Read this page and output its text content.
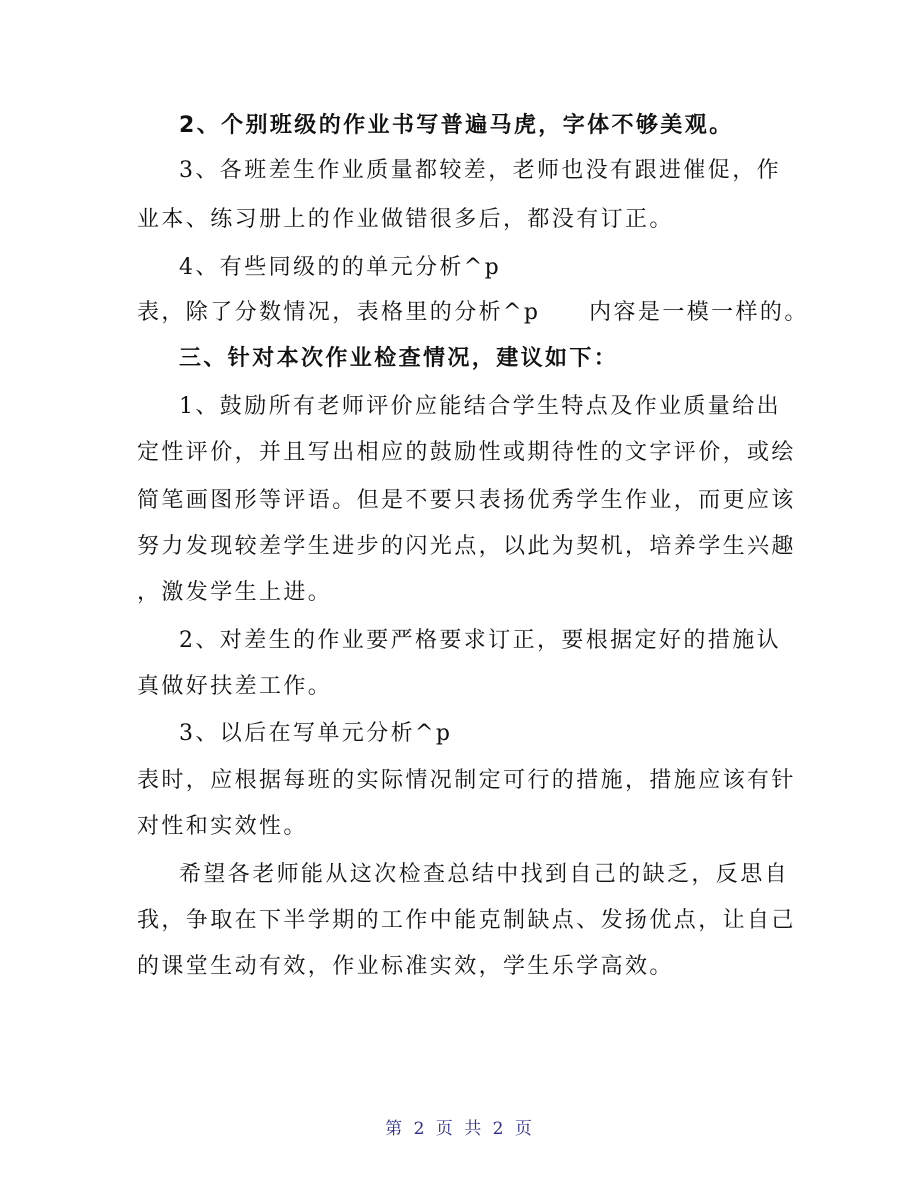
2、个别班级的作业书写普遍马虎，字体不够美观。
3、各班差生作业质量都较差，老师也没有跟进催促，作
业本、练习册上的作业做错很多后，都没有订正。
4、有些同级的的单元分析^p
表，除了分数情况，表格里的分析^p　　内容是一模一样的。
三、针对本次作业检查情况，建议如下：
1、鼓励所有老师评价应能结合学生特点及作业质量给出
定性评价，并且写出相应的鼓励性或期待性的文字评价，或绘
简笔画图形等评语。但是不要只表扬优秀学生作业，而更应该
努力发现较差学生进步的闪光点，以此为契机，培养学生兴趣
，激发学生上进。
2、对差生的作业要严格要求订正，要根据定好的措施认
真做好扶差工作。
3、以后在写单元分析^p
表时，应根据每班的实际情况制定可行的措施，措施应该有针
对性和实效性。
希望各老师能从这次检查总结中找到自己的缺乏，反思自
我，争取在下半学期的工作中能克制缺点、发扬优点，让自己
的课堂生动有效，作业标准实效，学生乐学高效。
第 2 页 共 2 页
